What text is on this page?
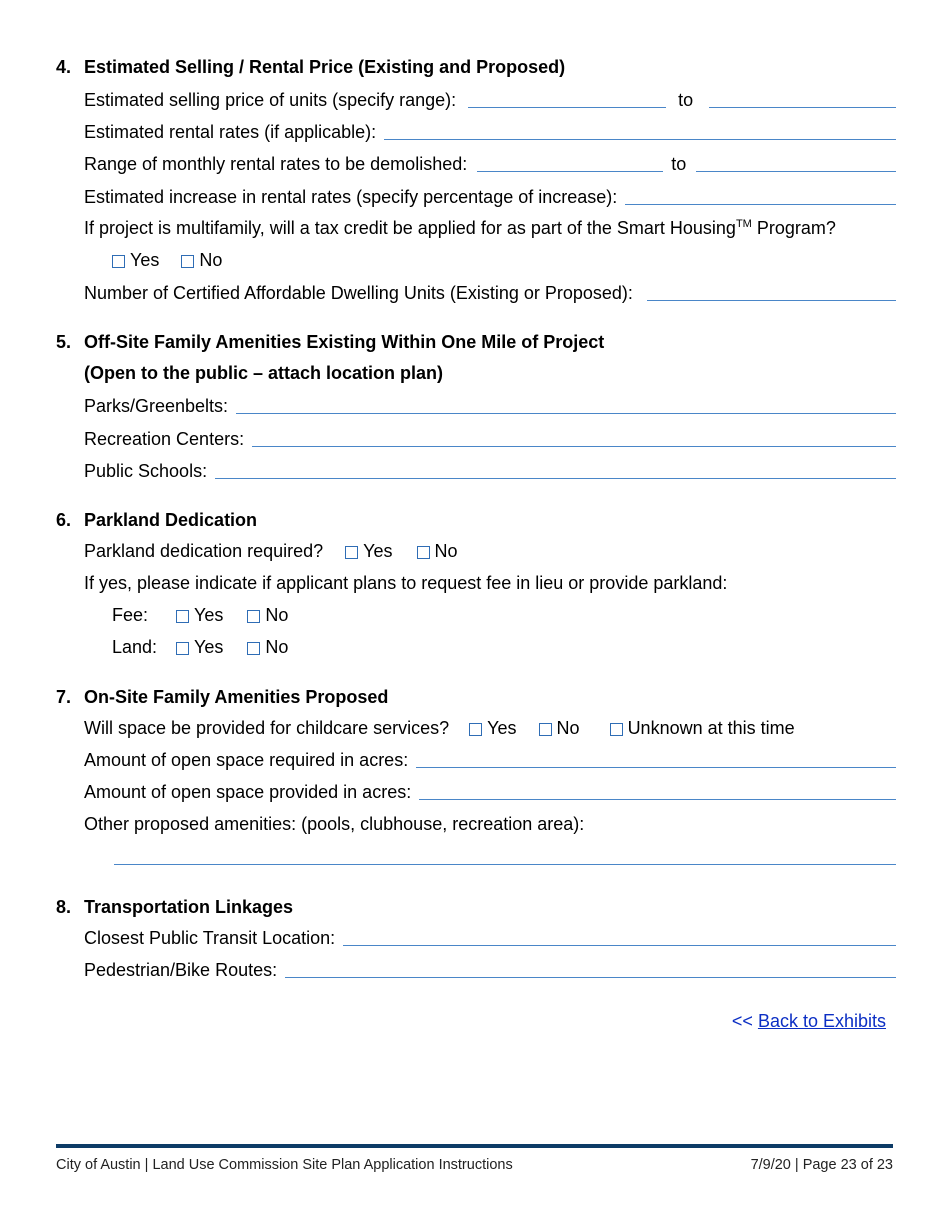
4. Estimated Selling / Rental Price (Existing and Proposed)
Estimated selling price of units (specify range):	to
Estimated rental rates (if applicable):
Range of monthly rental rates to be demolished:	to
Estimated increase in rental rates (specify percentage of increase):
If project is multifamily, will a tax credit be applied for as part of the Smart Housing™ Program?
Yes No
Number of Certified Affordable Dwelling Units (Existing or Proposed):
5. Off-Site Family Amenities Existing Within One Mile of Project
(Open to the public – attach location plan)
Parks/Greenbelts:
Recreation Centers:
Public Schools:
6. Parkland Dedication
Parkland dedication required? Yes No
If yes, please indicate if applicant plans to request fee in lieu or provide parkland:
Fee:	Yes No
Land:	Yes No
7. On-Site Family Amenities Proposed
Will space be provided for childcare services? Yes No	Unknown at this time
Amount of open space required in acres:
Amount of open space provided in acres:
Other proposed amenities: (pools, clubhouse, recreation area):
8. Transportation Linkages
Closest Public Transit Location:
Pedestrian/Bike Routes:
<< Back to Exhibits
City of Austin | Land Use Commission Site Plan Application Instructions	7/9/20 | Page 23 of 23
